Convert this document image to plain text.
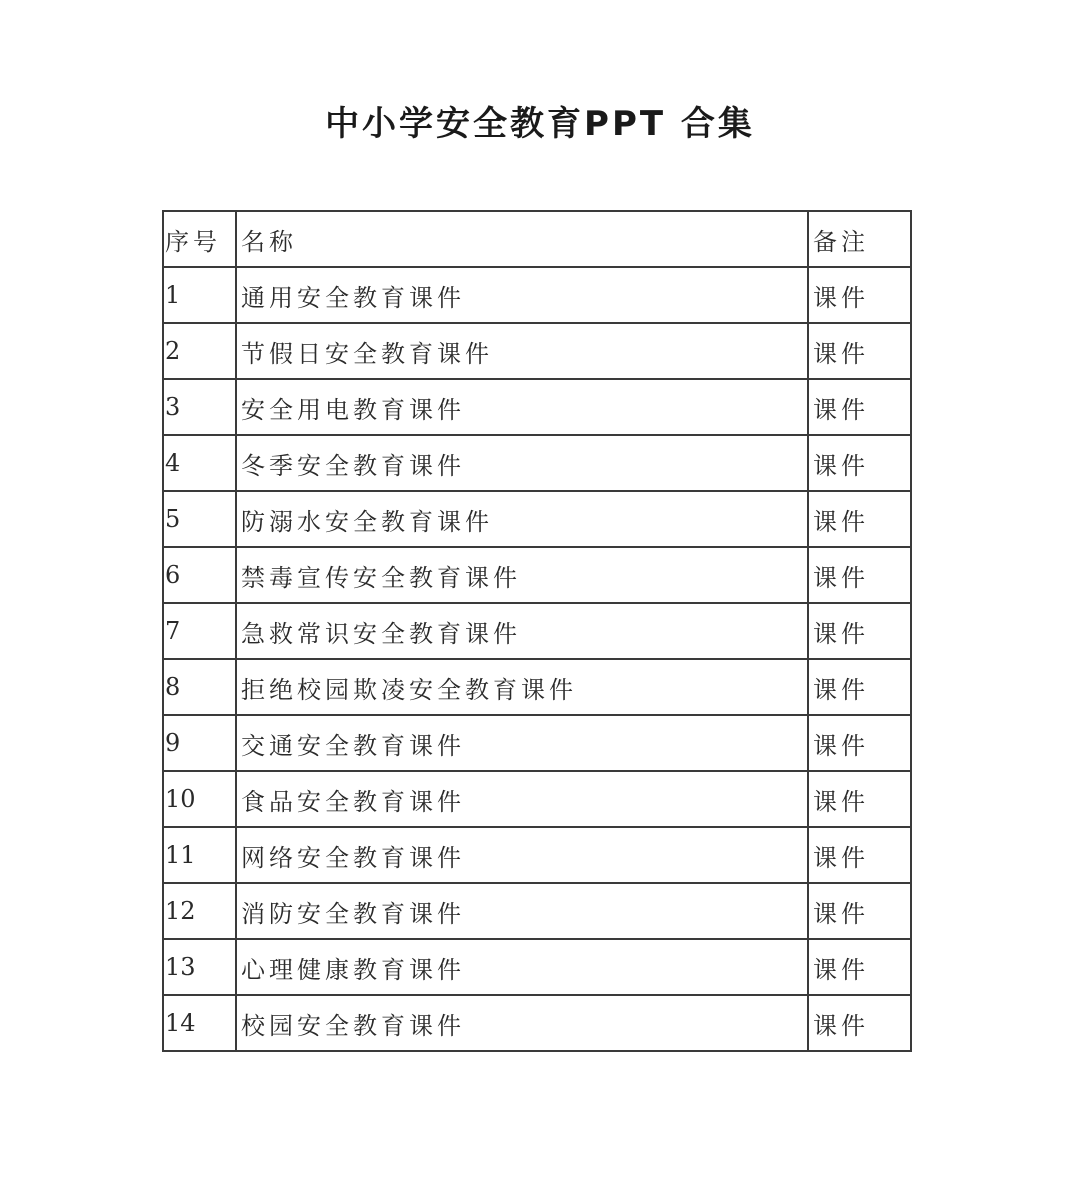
中小学安全教育PPT 合集
序号	名称	备注
1	通用安全教育课件	课件
2	节假日安全教育课件	课件
3	安全用电教育课件	课件
4	冬季安全教育课件	课件
5	防溺水安全教育课件	课件
6	禁毒宣传安全教育课件	课件
7	急救常识安全教育课件	课件
8	拒绝校园欺凌安全教育课件	课件
9	交通安全教育课件	课件
10	食品安全教育课件	课件
11	网络安全教育课件	课件
12	消防安全教育课件	课件
13	心理健康教育课件	课件
14	校园安全教育课件	课件
